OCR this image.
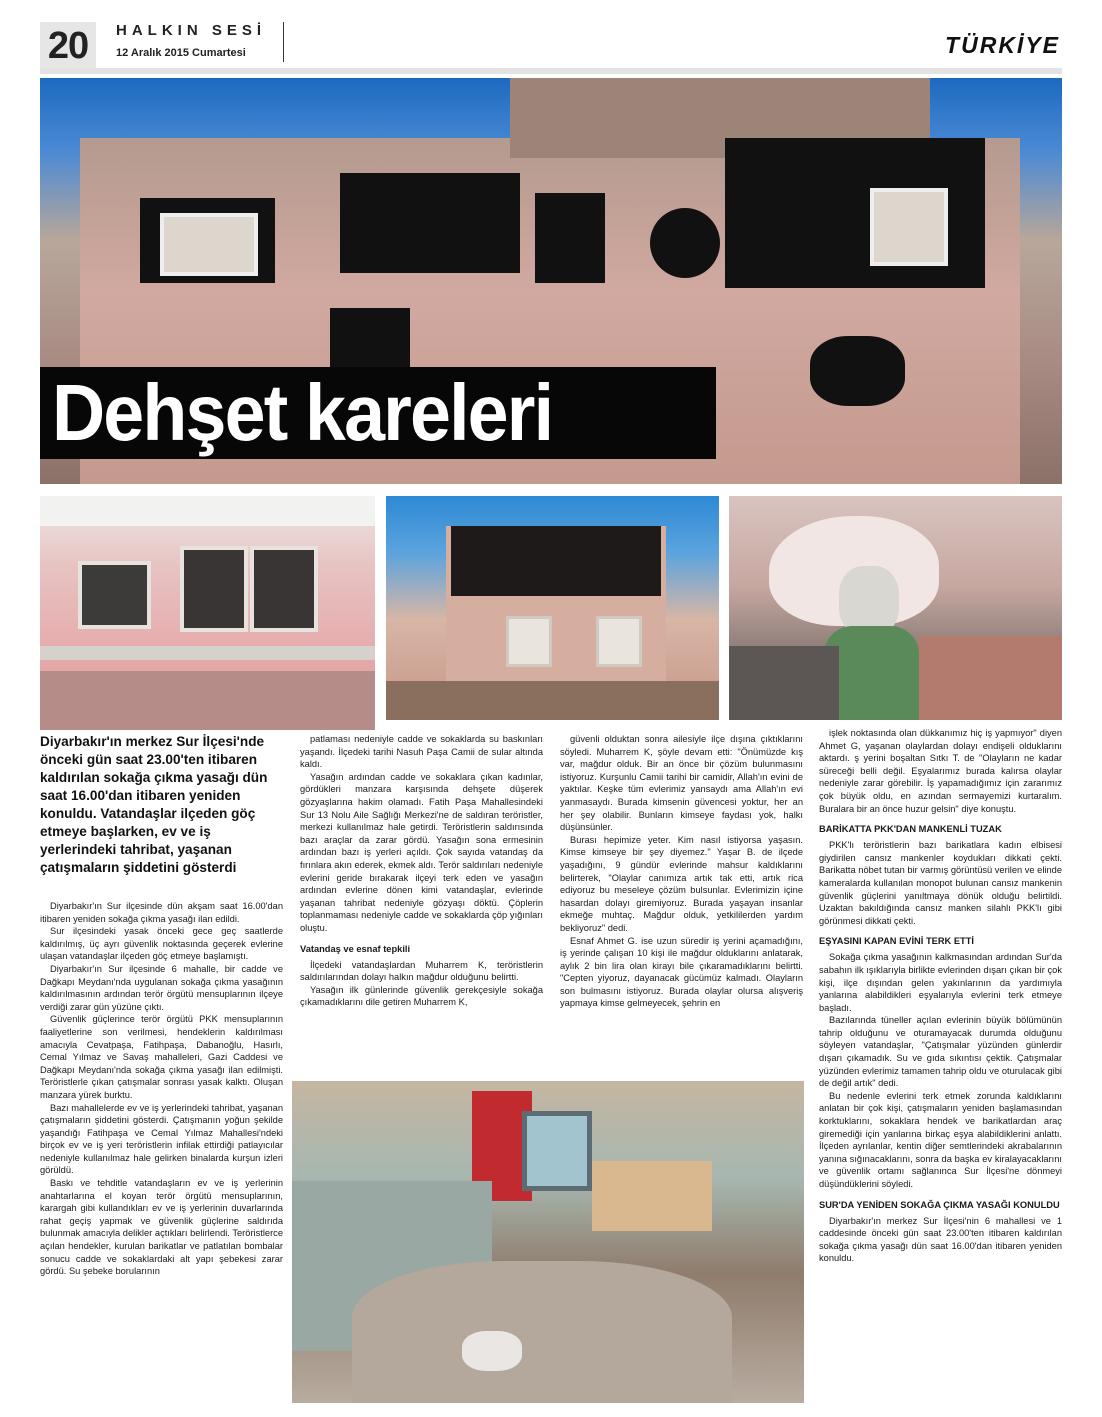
20	HALKIN SESİ
12 Aralık 2015 Cumartesi	TÜRKİYE
Dehşet kareleri
Diyarbakır'ın merkez Sur İlçesi'nde önceki gün saat 23.00'ten itibaren kaldırılan sokağa çıkma yasağı dün saat 16.00'dan itibaren yeniden konuldu. Vatandaşlar ilçeden göç etmeye başlarken, ev ve iş yerlerindeki tahribat, yaşanan çatışmaların şiddetini gösterdi

Diyarbakır'ın Sur ilçesinde dün akşam saat 16.00'dan itibaren yeniden sokağa çıkma yasağı ilan edildi.

Sur ilçesindeki yasak önceki gece geç saatlerde kaldırılmış, üç ayrı güvenlik noktasında geçerek evlerine ulaşan vatandaşlar ilçeden göç etmeye başlamıştı.

Diyarbakır'ın Sur ilçesinde 6 mahalle, bir cadde ve Dağkapı Meydanı'nda uygulanan sokağa çıkma yasağının kaldırılmasının ardından terör örgütü mensuplarının ilçeye verdiği zarar gün yüzüne çıktı.

Güvenlik güçlerince terör örgütü PKK mensuplarının faaliyetlerine son verilmesi, hendeklerin kaldırılması amacıyla Cevatpaşa, Fatihpaşa, Dabanoğlu, Hasırlı, Cemal Yılmaz ve Savaş mahalleleri, Gazi Caddesi ve Dağkapı Meydanı'nda sokağa çıkma yasağı ilan edilmişti. Teröristlerle çıkan çatışmalar sonrası yasak kalktı. Oluşan manzara yürek burktu.

Bazı mahallelerde ev ve iş yerlerindeki tahribat, yaşanan çatışmaların şiddetini gösterdi. Çatışmanın yoğun şekilde yaşandığı Fatihpaşa ve Cemal Yılmaz Mahallesi'ndeki birçok ev ve iş yeri teröristlerin infilak ettirdiği patlayıcılar nedeniyle kullanılmaz hale gelirken binalarda kurşun izleri görüldü.

Baskı ve tehditle vatandaşların ev ve iş yerlerinin anahtarlarına el koyan terör örgütü mensuplarının, karargah gibi kullandıkları ev ve iş yerlerinin duvarlarında rahat geçiş yapmak ve güvenlik güçlerine saldırıda bulunmak amacıyla delikler açtıkları belirlendi. Teröristlerce açılan hendekler, kurulan barikatlar ve patlatılan bombalar sonucu cadde ve sokaklardaki alt yapı şebekesi zarar gördü. Su şebeke borularının

patlaması nedeniyle cadde ve sokaklarda su baskınları yaşandı. İlçedeki tarihi Nasuh Paşa Camii de sular altında kaldı.

Yasağın ardından cadde ve sokaklara çıkan kadınlar, gördükleri manzara karşısında dehşete düşerek gözyaşlarına hakim olamadı. Fatih Paşa Mahallesindeki Sur 13 Nolu Aile Sağlığı Merkezi'ne de saldıran teröristler, merkezi kullanılmaz hale getirdi. Teröristlerin saldırısında bazı araçlar da zarar gördü. Yasağın sona ermesinin ardından bazı iş yerleri açıldı. Çok sayıda vatandaş da fırınlara akın ederek, ekmek aldı. Terör saldırıları nedeniyle evlerini geride bırakarak ilçeyi terk eden ve yasağın ardından evlerine dönen kimi vatandaşlar, evlerinde yaşanan tahribat nedeniyle gözyaşı döktü. Çöplerin toplanmaması nedeniyle cadde ve sokaklarda çöp yığınları oluştu.

Vatandaş ve esnaf tepkili

İlçedeki vatandaşlardan Muharrem K, teröristlerin saldırılarından dolayı halkın mağdur olduğunu belirtti.

Yasağın ilk günlerinde güvenlik gerekçesiyle sokağa çıkamadıklarını dile getiren Muharrem K,

güvenli olduktan sonra ailesiyle ilçe dışına çıktıklarını söyledi. Muharrem K, şöyle devam etti: "Önümüzde kış var, mağdur olduk. Bir an önce bir çözüm bulunmasını istiyoruz. Kurşunlu Camii tarihi bir camidir, Allah'ın evini de yaktılar. Keşke tüm evlerimiz yansaydı ama Allah'ın evi yanmasaydı. Burada kimsenin güvencesi yoktur, her an her şey olabilir. Bunların kimseye faydası yok, halkı düşünsünler.

Burası hepimize yeter. Kim nasıl istiyorsa yaşasın. Kimse kimseye bir şey diyemez." Yaşar B. de ilçede yaşadığını, 9 gündür evlerinde mahsur kaldıklarını belirterek, "Olaylar canımıza artık tak etti, artık rica ediyoruz bu meseleye çözüm bulsunlar. Evlerimizin içine hasardan dolayı giremiyoruz. Burada yaşayan insanlar ekmeğe muhtaç. Mağdur olduk, yetkililerden yardım bekliyoruz" dedi.

Esnaf Ahmet G. ise uzun süredir iş yerini açamadığını, iş yerinde çalışan 10 kişi ile mağdur olduklarını anlatarak, aylık 2 bin lira olan kirayı bile çıkaramadıklarını belirtti. "Cepten yiyoruz, dayanacak gücümüz kalmadı. Olayların son bulmasını istiyoruz. Burada olaylar olursa alışveriş yapmaya kimse gelmeyecek, şehrin en

işlek noktasında olan dükkanımız hiç iş yapmıyor" diyen Ahmet G, yaşanan olaylardan dolayı endişeli olduklarını aktardı. ş yerini boşaltan Sıtkı T. de "Olayların ne kadar süreceği belli değil. Eşyalarımız burada kalırsa olaylar nedeniyle zarar görebilir. İş yapamadığımız için zararımız çok büyük oldu, en azından sermayemizi kurtaralım. Buralara bir an önce huzur gelsin" diye konuştu.

BARİKATTA PKK'DAN MANKENLİ TUZAK

PKK'lı teröristlerin bazı barikatlara kadın elbisesi giydirilen cansız mankenler koydukları dikkati çekti. Barikatta nöbet tutan bir varmış görüntüsü verilen ve elinde kameralarda kullanılan monopot bulunan cansız mankenin güvenlik güçlerini yanıltmaya dönük olduğu belirtildi. Uzaktan bakıldığında cansız manken silahlı PKK'lı gibi görünmesi dikkati çekti.

EŞYASINI KAPAN EVİNİ TERK ETTİ

Sokağa çıkma yasağının kalkmasından ardından Sur'da sabahın ilk ışıklarıyla birlikte evlerinden dışarı çıkan bir çok kişi, ilçe dışından gelen yakınlarının da yardımıyla yanlarına alabildikleri eşyalarıyla evlerini terk etmeye başladı.

Bazılarında tüneller açılan evlerinin büyük bölümünün tahrip olduğunu ve oturamayacak durumda olduğunu söyleyen vatandaşlar, "Çatışmalar yüzünden günlerdir dışarı çıkamadık. Su ve gıda sıkıntısı çektik. Çatışmalar yüzünden evlerimiz tamamen tahrip oldu ve oturulacak gibi de değil artık" dedi.

Bu nedenle evlerini terk etmek zorunda kaldıklarını anlatan bir çok kişi, çatışmaların yeniden başlamasından korktuklarını, sokaklara hendek ve barikatlardan araç giremediği için yanlarına birkaç eşya alabildiklerini anlattı. İlçeden ayrılanlar, kentin diğer semtlerindeki akrabalarının yanına sığınacaklarını, sonra da başka ev kiralayacaklarını ve güvenlik ortamı sağlanınca Sur İlçesi'ne dönmeyi düşündüklerini söyledi.

SUR'DA YENİDEN SOKAĞA ÇIKMA YASAĞI KONULDU

Diyarbakır'ın merkez Sur İlçesi'nin 6 mahallesi ve 1 caddesinde önceki gün saat 23.00'ten itibaren kaldırılan sokağa çıkma yasağı dün saat 16.00'dan itibaren yeniden konuldu.
